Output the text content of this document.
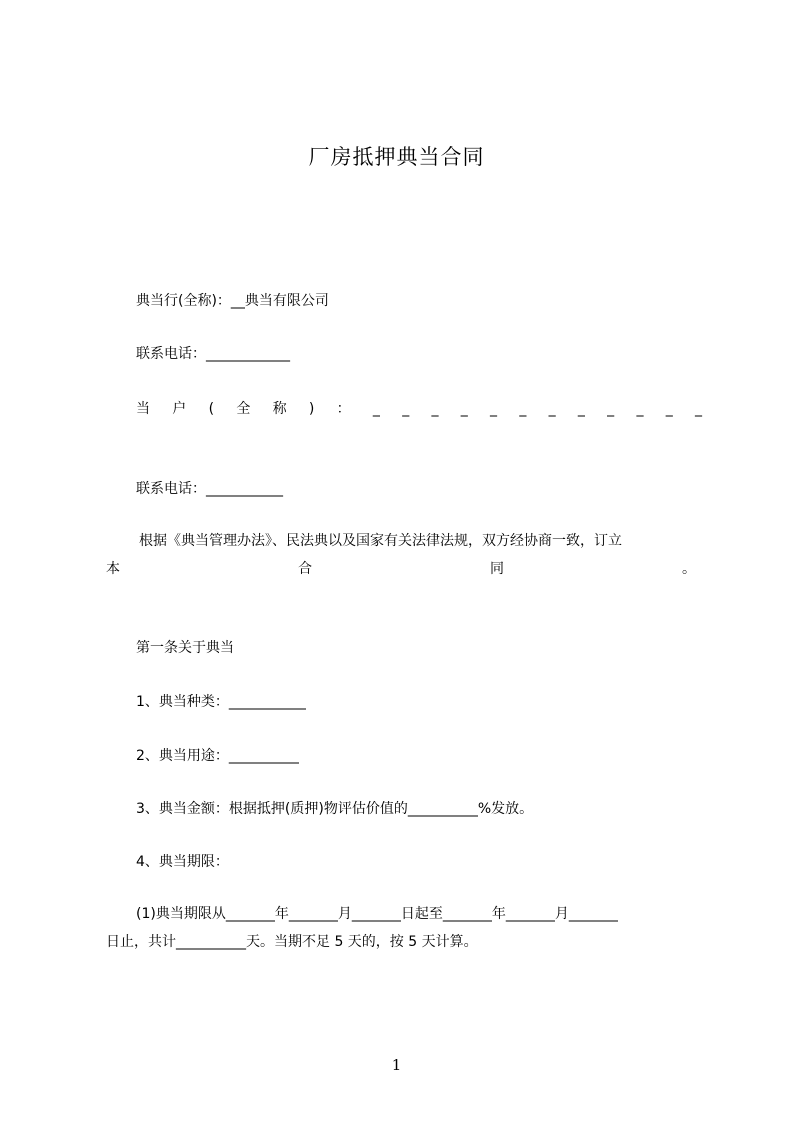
厂房抵押典当合同
典当行(全称)：__典当有限公司
联系电话：____________
当 户 ( 全 称 ) ： _ _ _ _ _ _ _ _ _ _ _ _
联系电话：___________
根据《典当管理办法》、民法典以及国家有关法律法规，双方经协商一致，订立
本	合	同	。
第一条关于典当
1、典当种类：___________
2、典当用途：__________
3、典当金额：根据抵押(质押)物评估价值的__________%发放。
4、典当期限：
(1)典当期限从_______年_______月_______日起至_______年_______月_______
日止，共计__________天。当期不足 5 天的，按 5 天计算。
1
